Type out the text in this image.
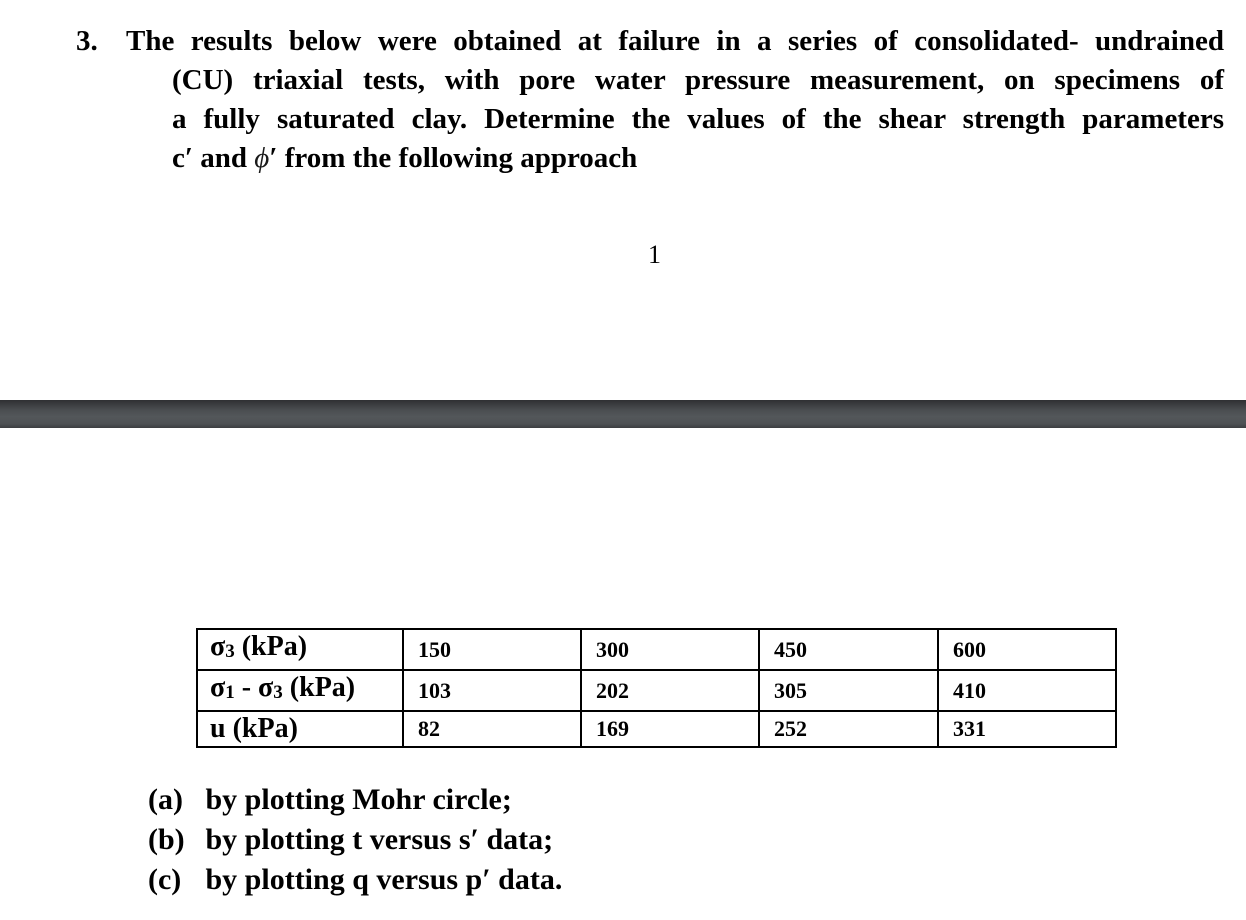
3. The results below were obtained at failure in a series of consolidated- undrained
(CU) triaxial tests, with pore water pressure measurement, on specimens of
a fully saturated clay. Determine the values of the shear strength parameters
c′ and ϕ′ from the following approach
1
$\sigma_3$ (kPa)	150	300	450	600
$\sigma_1 - \sigma_3$ (kPa)	103	202	305	410
u (kPa)	82	169	252	331
(a) by plotting Mohr circle;
(b) by plotting t versus s′ data;
(c) by plotting q versus p′ data.
